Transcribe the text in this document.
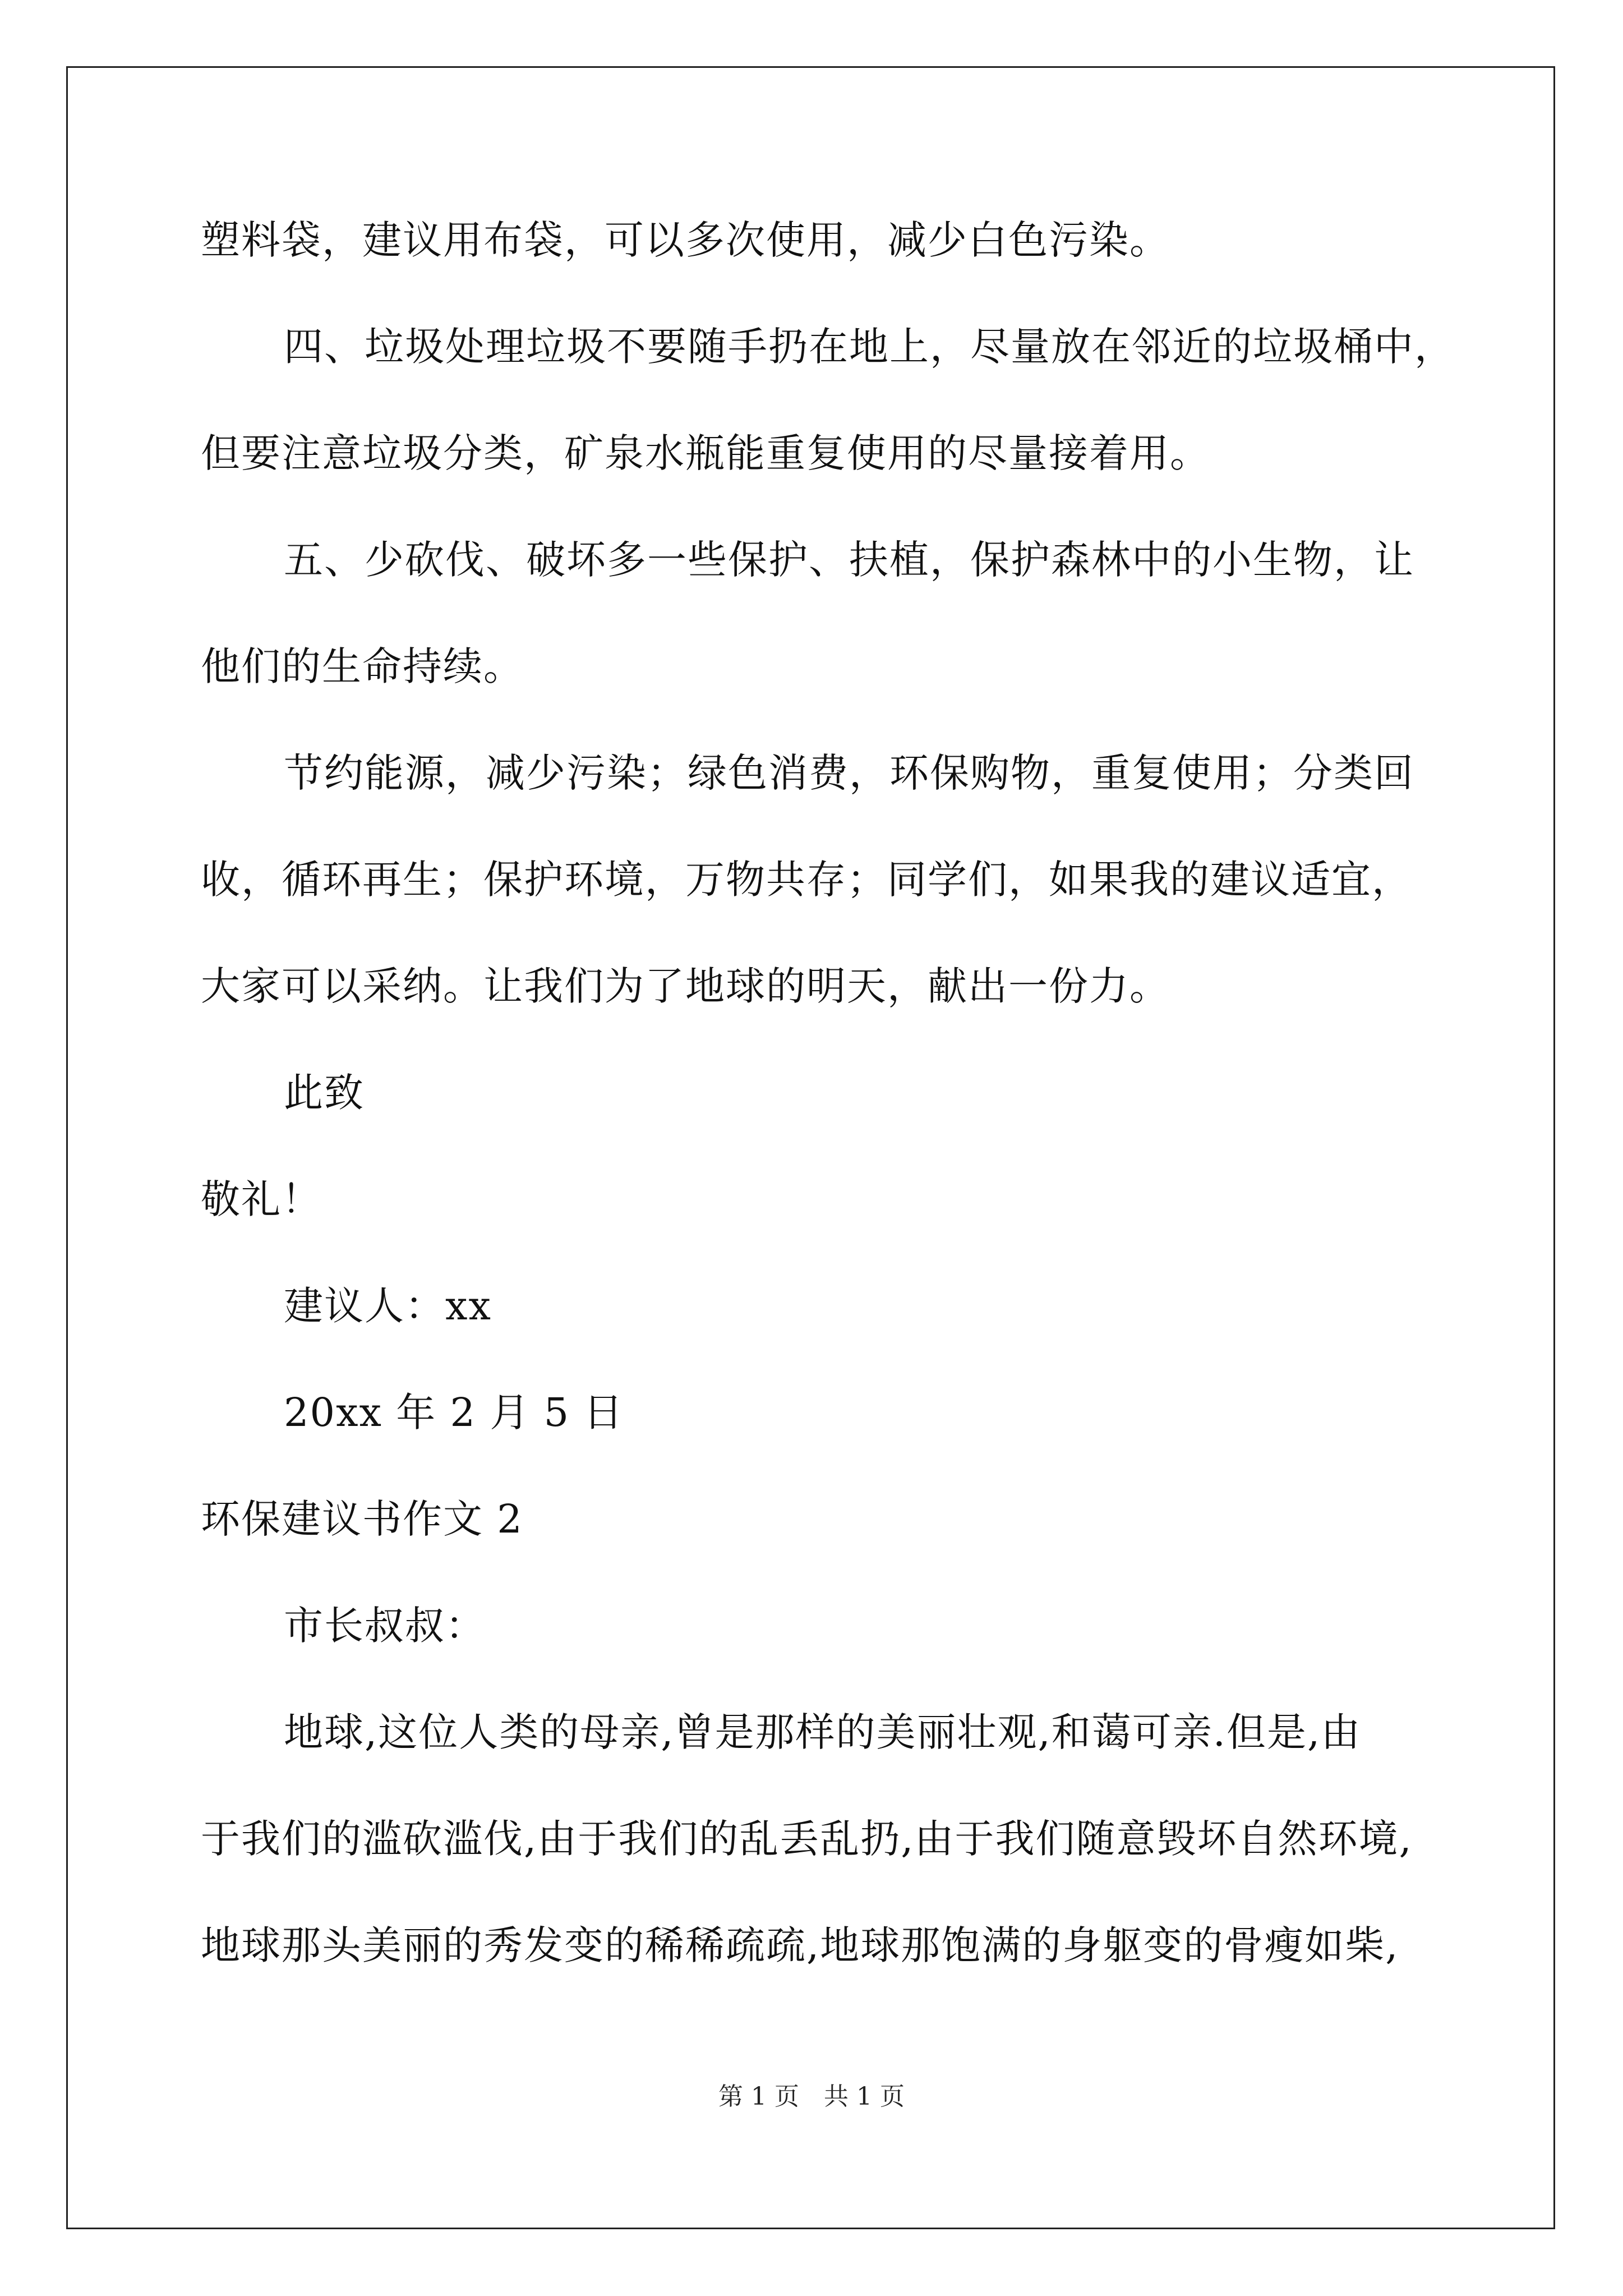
塑料袋，建议用布袋，可以多次使用，减少白色污染。
四、垃圾处理垃圾不要随手扔在地上，尽量放在邻近的垃圾桶中，
但要注意垃圾分类，矿泉水瓶能重复使用的尽量接着用。
五、少砍伐、破坏多一些保护、扶植，保护森林中的小生物，让
他们的生命持续。
节约能源，减少污染；绿色消费，环保购物，重复使用；分类回
收，循环再生；保护环境，万物共存；同学们，如果我的建议适宜，
大家可以采纳。让我们为了地球的明天，献出一份力。
此致
敬礼！
建议人：xx
20xx 年 2 月 5 日
环保建议书作文 2
市长叔叔：
地球,这位人类的母亲,曾是那样的美丽壮观,和蔼可亲.但是,由
于我们的滥砍滥伐,由于我们的乱丢乱扔,由于我们随意毁坏自然环境,
地球那头美丽的秀发变的稀稀疏疏,地球那饱满的身躯变的骨瘦如柴,
第 1 页　共 1 页
